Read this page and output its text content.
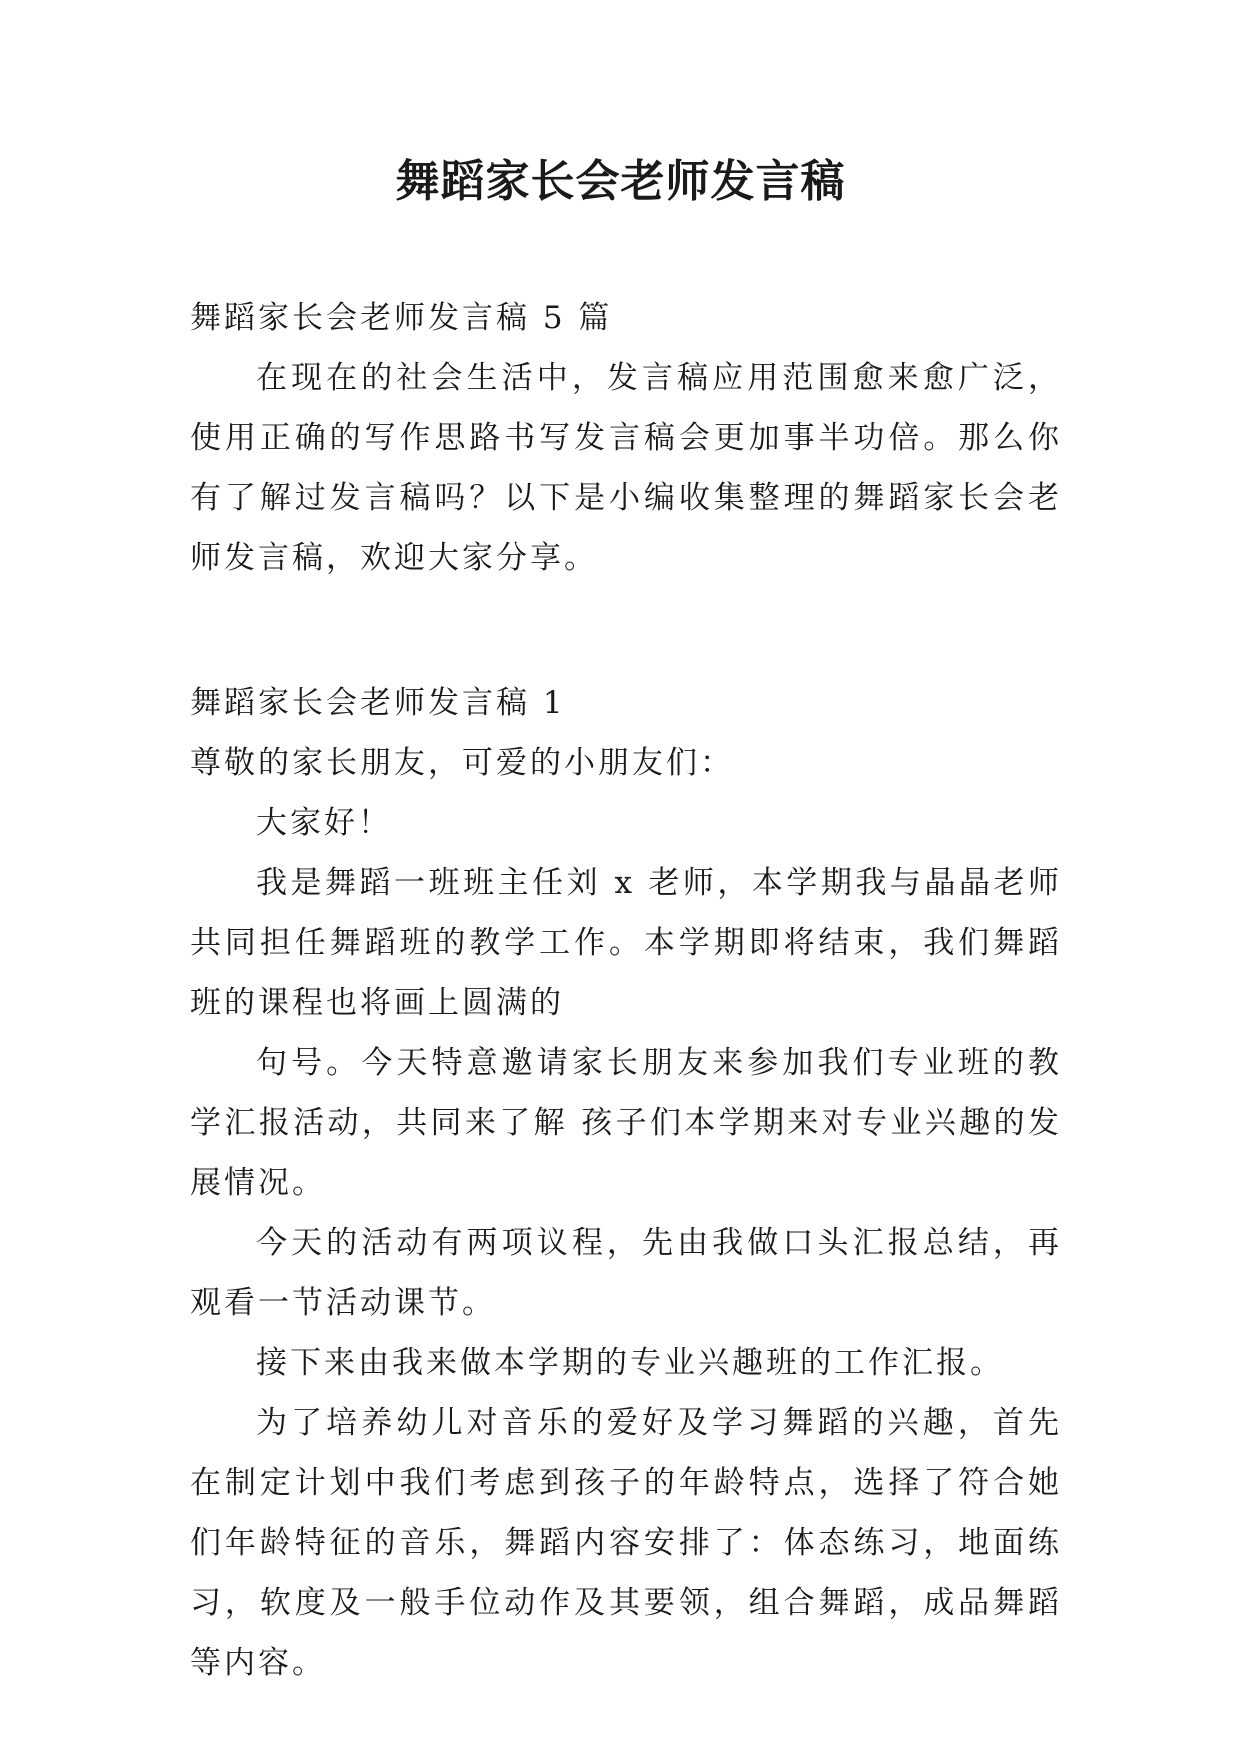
舞蹈家长会老师发言稿

舞蹈家长会老师发言稿 5 篇

在现在的社会生活中，发言稿应用范围愈来愈广泛，使用正确的写作思路书写发言稿会更加事半功倍。那么你有了解过发言稿吗？以下是小编收集整理的舞蹈家长会老师发言稿，欢迎大家分享。

舞蹈家长会老师发言稿 1

尊敬的家长朋友，可爱的小朋友们：

大家好！

我是舞蹈一班班主任刘 x 老师，本学期我与晶晶老师共同担任舞蹈班的教学工作。本学期即将结束，我们舞蹈班的课程也将画上圆满的

句号。今天特意邀请家长朋友来参加我们专业班的教学汇报活动，共同来了解 孩子们本学期来对专业兴趣的发展情况。

今天的活动有两项议程，先由我做口头汇报总结，再观看一节活动课节。

接下来由我来做本学期的专业兴趣班的工作汇报。

为了培养幼儿对音乐的爱好及学习舞蹈的兴趣，首先在制定计划中我们考虑到孩子的年龄特点，选择了符合她们年龄特征的音乐，舞蹈内容安排了：体态练习，地面练习，软度及一般手位动作及其要领，组合舞蹈，成品舞蹈等内容。
